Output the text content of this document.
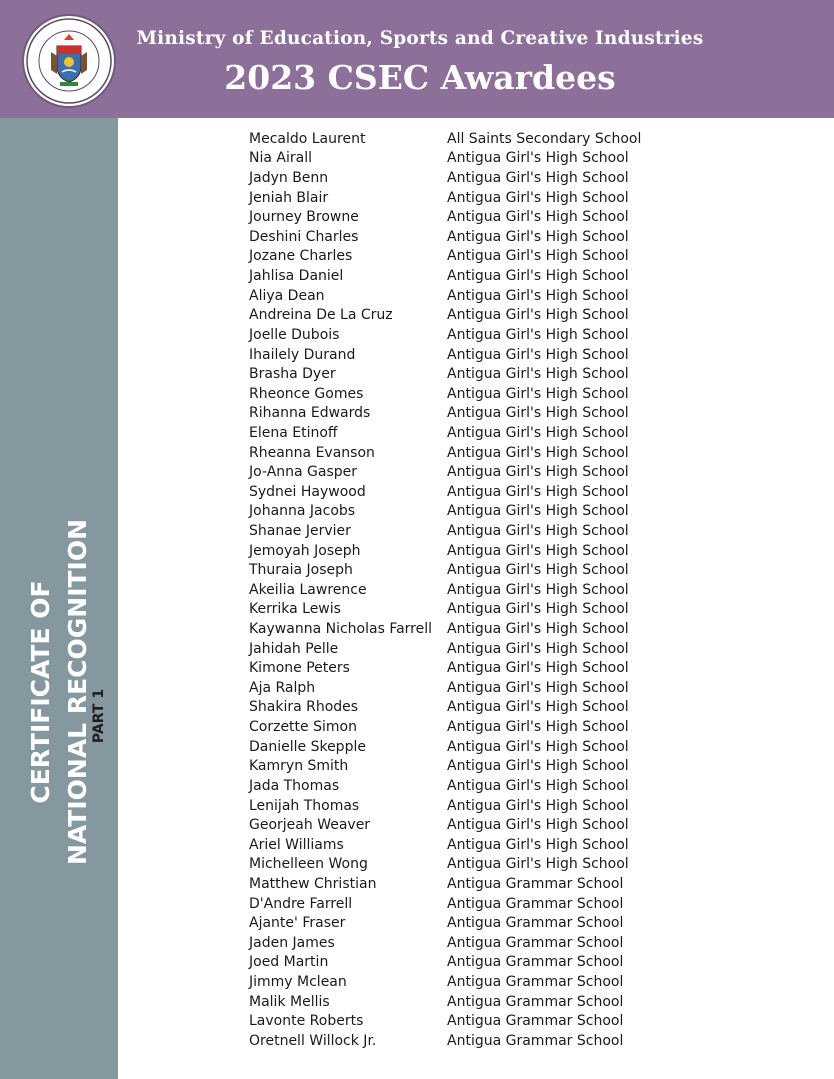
Ministry of Education, Sports and Creative Industries
2023 CSEC Awardees
CERTIFICATE OF NATIONAL RECOGNITION PART 1
Mecaldo Laurent	All Saints Secondary School
Nia Airall	Antigua Girl's High School
Jadyn Benn	Antigua Girl's High School
Jeniah Blair	Antigua Girl's High School
Journey Browne	Antigua Girl's High School
Deshini Charles	Antigua Girl's High School
Jozane Charles	Antigua Girl's High School
Jahlisa Daniel	Antigua Girl's High School
Aliya Dean	Antigua Girl's High School
Andreina De La Cruz	Antigua Girl's High School
Joelle Dubois	Antigua Girl's High School
Ihailely Durand	Antigua Girl's High School
Brasha Dyer	Antigua Girl's High School
Rheonce Gomes	Antigua Girl's High School
Rihanna Edwards	Antigua Girl's High School
Elena Etinoff	Antigua Girl's High School
Rheanna Evanson	Antigua Girl's High School
Jo-Anna Gasper	Antigua Girl's High School
Sydnei Haywood	Antigua Girl's High School
Johanna Jacobs	Antigua Girl's High School
Shanae Jervier	Antigua Girl's High School
Jemoyah Joseph	Antigua Girl's High School
Thuraia Joseph	Antigua Girl's High School
Akeilia Lawrence	Antigua Girl's High School
Kerrika Lewis	Antigua Girl's High School
Kaywanna Nicholas Farrell	Antigua Girl's High School
Jahidah Pelle	Antigua Girl's High School
Kimone Peters	Antigua Girl's High School
Aja Ralph	Antigua Girl's High School
Shakira Rhodes	Antigua Girl's High School
Corzette Simon	Antigua Girl's High School
Danielle Skepple	Antigua Girl's High School
Kamryn Smith	Antigua Girl's High School
Jada Thomas	Antigua Girl's High School
Lenijah Thomas	Antigua Girl's High School
Georjeah Weaver	Antigua Girl's High School
Ariel Williams	Antigua Girl's High School
Michelleen Wong	Antigua Girl's High School
Matthew Christian	Antigua Grammar School
D'Andre Farrell	Antigua Grammar School
Ajante' Fraser	Antigua Grammar School
Jaden James	Antigua Grammar School
Joed Martin	Antigua Grammar School
Jimmy Mclean	Antigua Grammar School
Malik Mellis	Antigua Grammar School
Lavonte Roberts	Antigua Grammar School
Oretnell Willock Jr.	Antigua Grammar School
